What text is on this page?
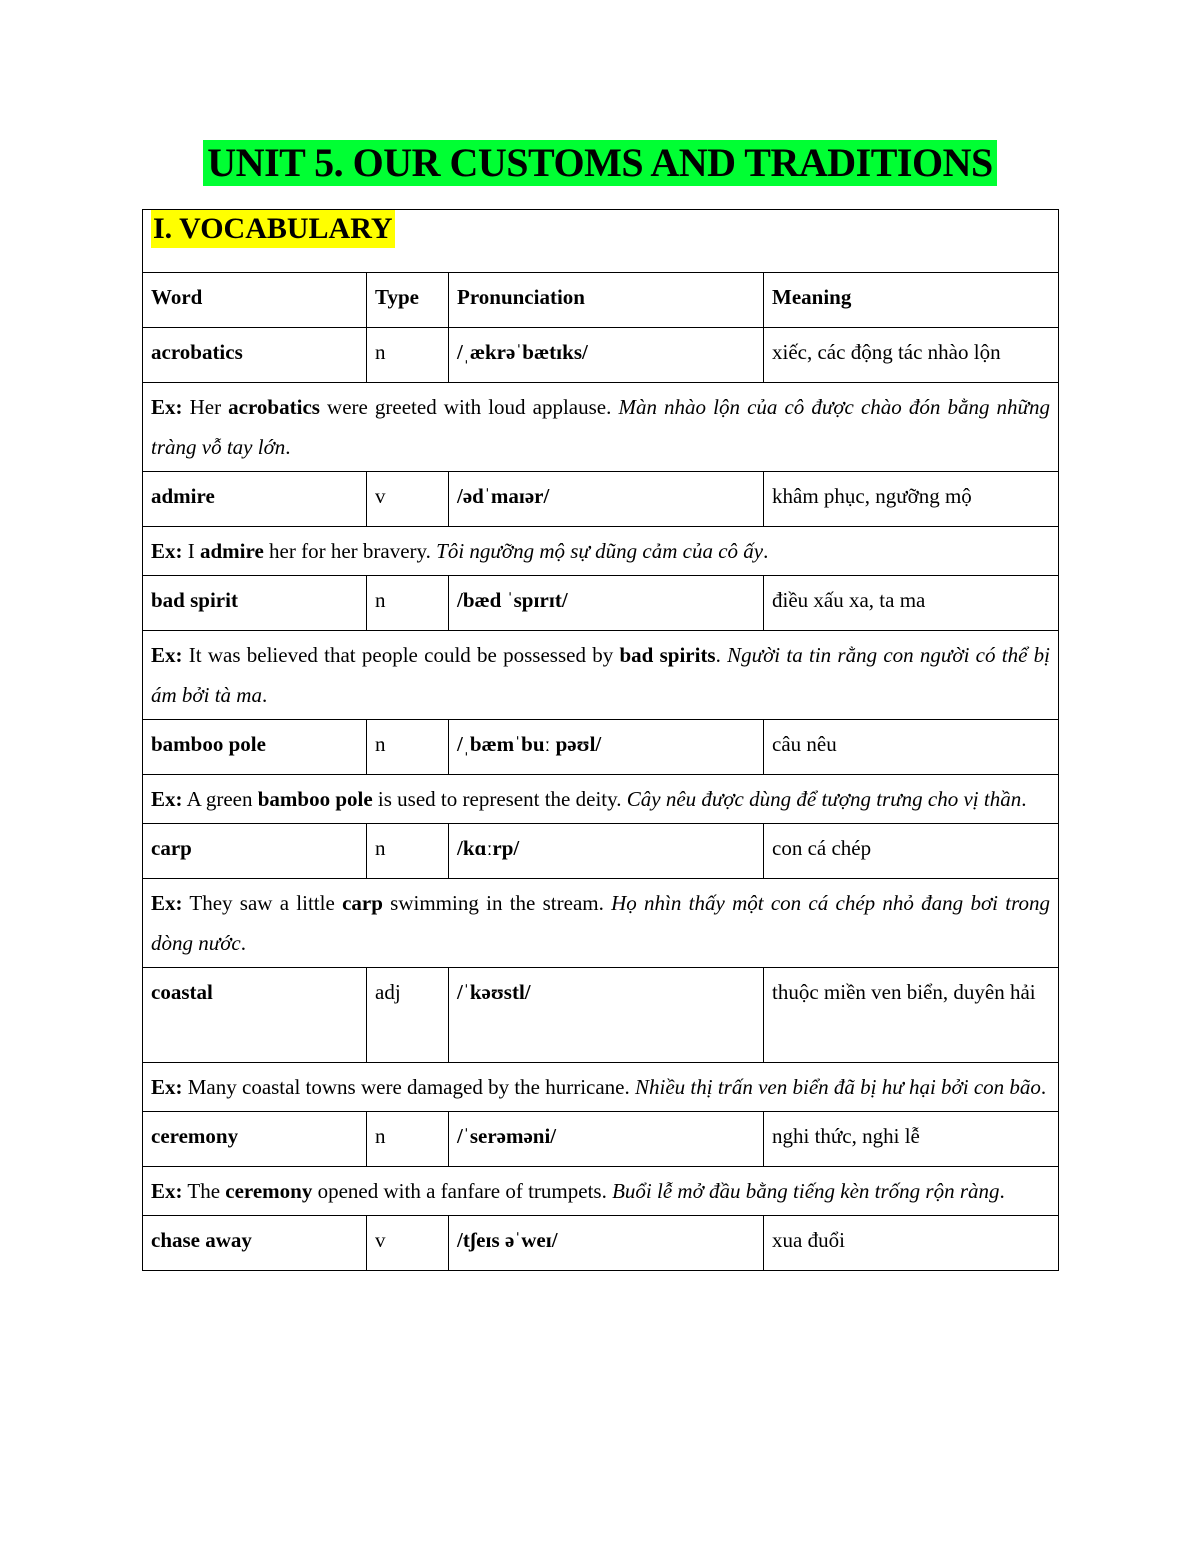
UNIT 5. OUR CUSTOMS AND TRADITIONS
I. VOCABULARY			
Word	Type	Pronunciation	Meaning
acrobatics	n	/ˌækrəˈbætɪks/	xiếc, các động tác nhào lộn
Ex: Her acrobatics were greeted with loud applause. Màn nhào lộn của cô được chào đón bằng những tràng vỗ tay lớn.			
admire	v	/ədˈmaɪər/	khâm phục, ngưỡng mộ
Ex: I admire her for her bravery. Tôi ngưỡng mộ sự dũng cảm của cô ấy.			
bad spirit	n	/bæd ˈspɪrɪt/	điều xấu xa, ta ma
Ex: It was believed that people could be possessed by bad spirits. Người ta tin rằng con người có thể bị ám bởi tà ma.			
bamboo pole	n	/ˌbæmˈbuː pəʊl/	câu nêu
Ex: A green bamboo pole is used to represent the deity. Cây nêu được dùng để tượng trưng cho vị thần.			
carp	n	/kɑːrp/	con cá chép
Ex: They saw a little carp swimming in the stream. Họ nhìn thấy một con cá chép nhỏ đang bơi trong dòng nước.			
coastal	adj	/ˈkəʊstl/	thuộc miền ven biển, duyên hải
Ex: Many coastal towns were damaged by the hurricane. Nhiều thị trấn ven biển đã bị hư hại bởi con bão.			
ceremony	n	/ˈserəməni/	nghi thức, nghi lễ
Ex: The ceremony opened with a fanfare of trumpets. Buổi lễ mở đầu bằng tiếng kèn trống rộn ràng.			
chase away	v	/tʃeɪs əˈweɪ/	xua đuổi
